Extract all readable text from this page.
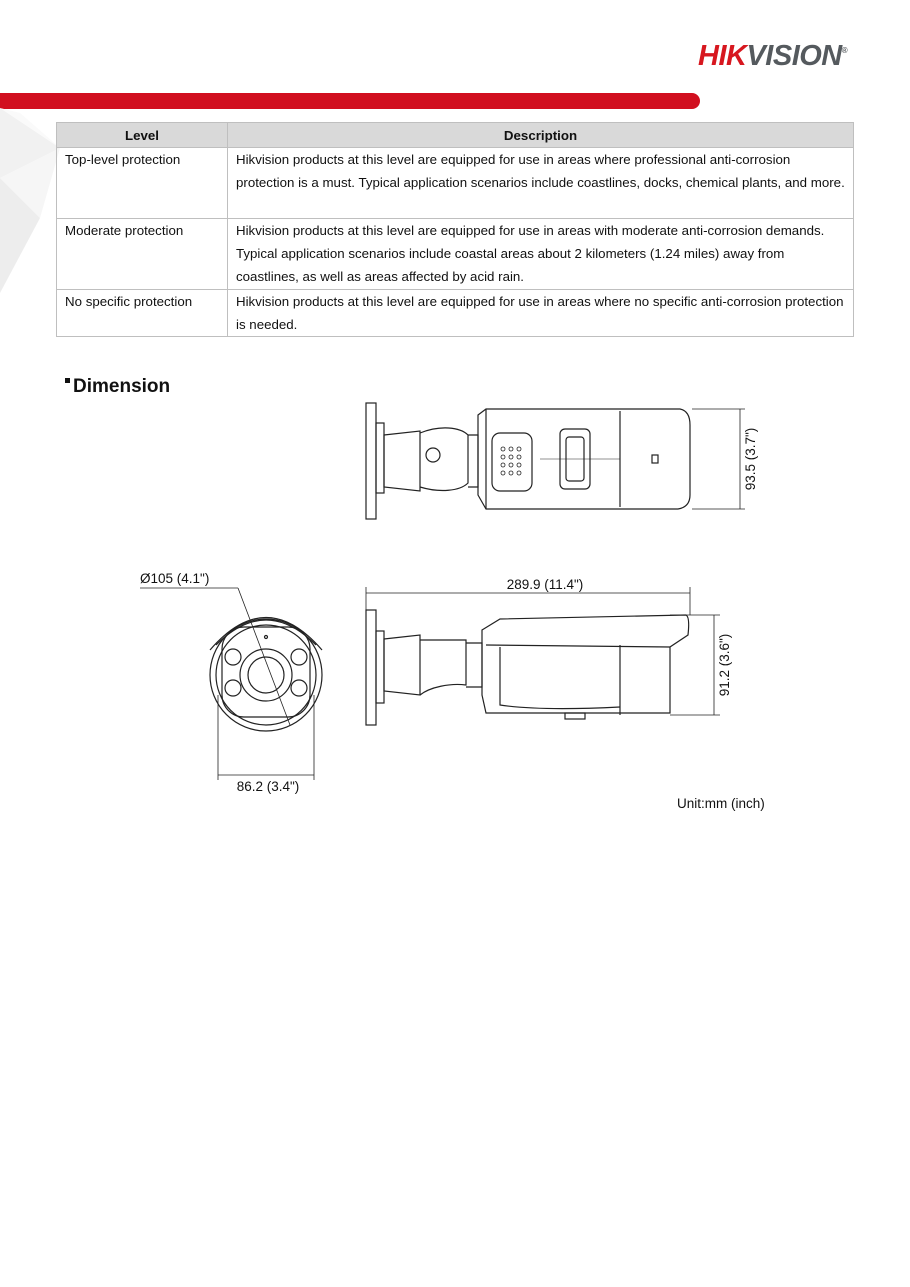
HIKVISION®
Level	Description
Top-level protection	Hikvision products at this level are equipped for use in areas where professional anti-corrosion protection is a must. Typical application scenarios include coastlines, docks, chemical plants, and more.
Moderate protection	Hikvision products at this level are equipped for use in areas with moderate anti-corrosion demands. Typical application scenarios include coastal areas about 2 kilometers (1.24 miles) away from coastlines, as well as areas affected by acid rain.
No specific protection	Hikvision products at this level are equipped for use in areas where no specific anti-corrosion protection is needed.
Dimension
93.5 (3.7")
Ø105 (4.1")
86.2 (3.4")
289.9 (11.4")
91.2 (3.6")
Unit:mm (inch)
